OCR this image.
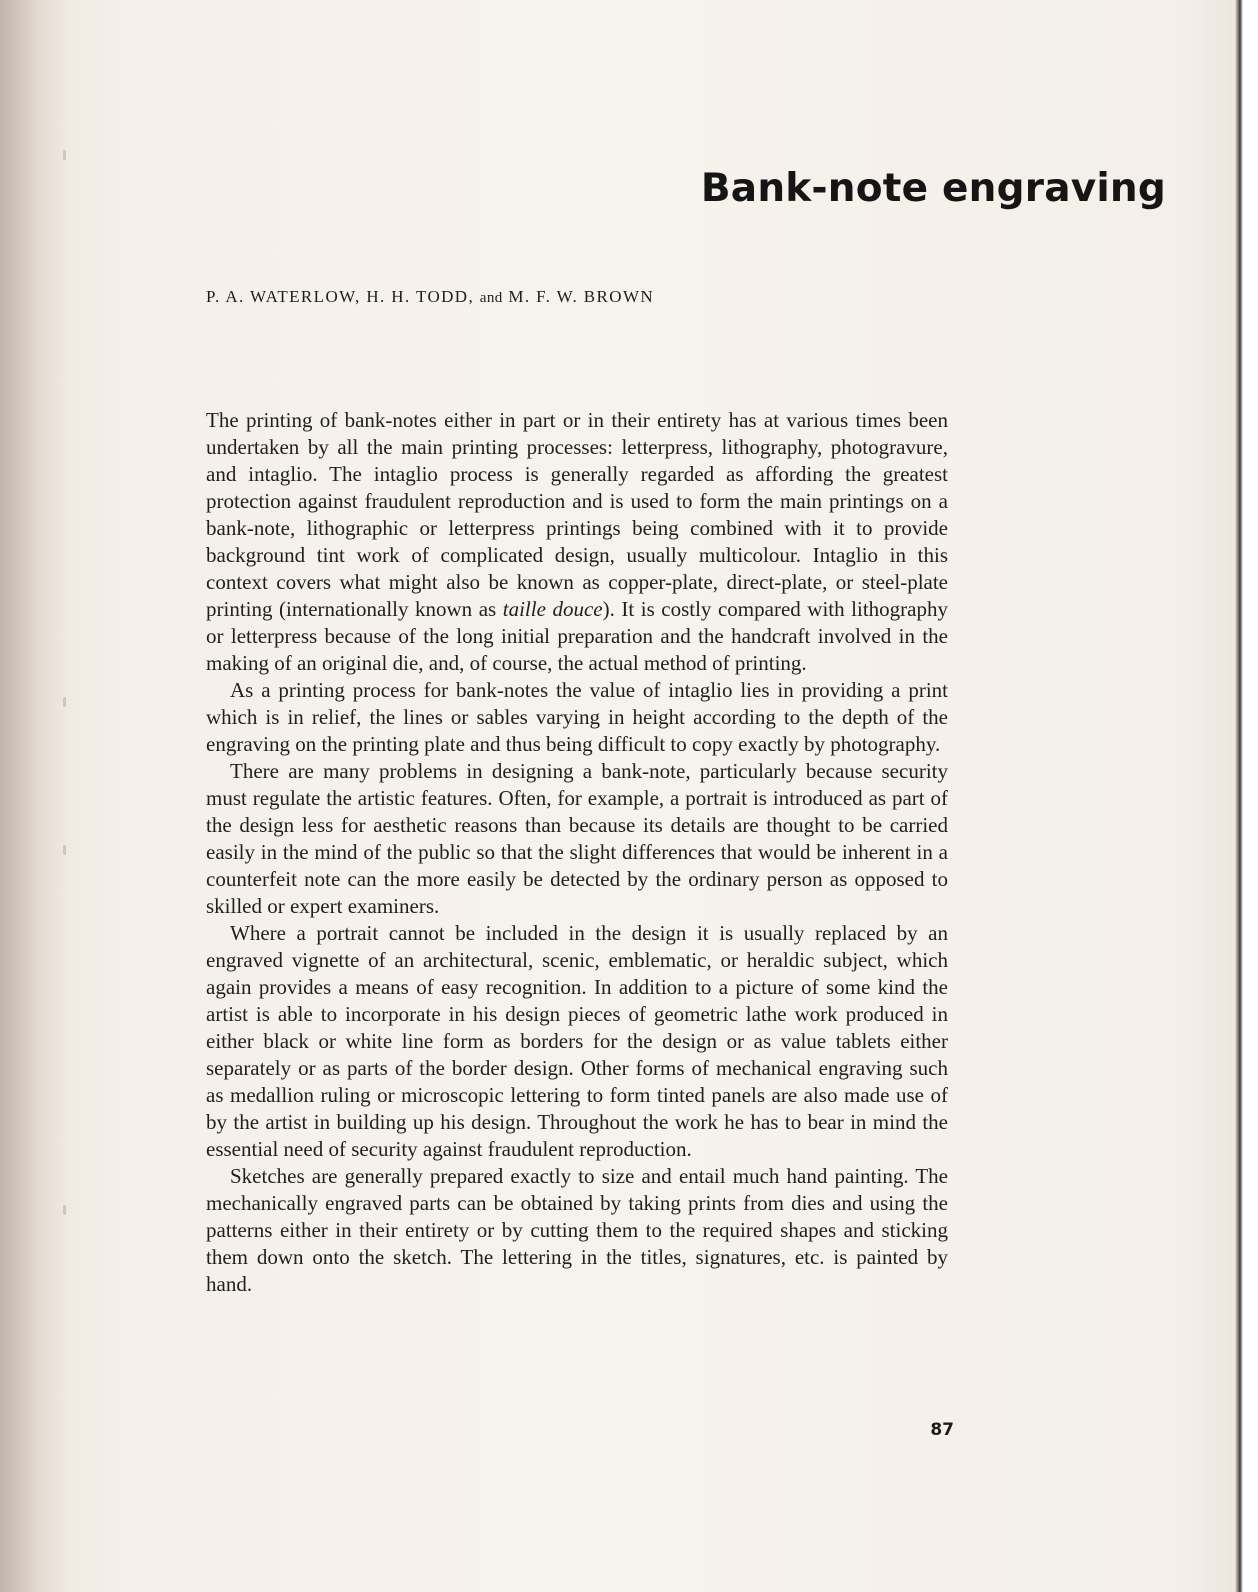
Bank-note engraving

P. A. WATERLOW, H. H. TODD, and M. F. W. BROWN

The printing of bank-notes either in part or in their entirety has at various times been undertaken by all the main printing processes: letterpress, lithography, photogravure, and intaglio. The intaglio process is generally regarded as affording the greatest protection against fraudulent reproduction and is used to form the main printings on a bank-note, lithographic or letterpress printings being combined with it to provide background tint work of complicated design, usually multicolour. Intaglio in this context covers what might also be known as copper-plate, direct-plate, or steel-plate printing (internationally known as taille douce). It is costly compared with lithography or letterpress because of the long initial preparation and the handcraft involved in the making of an original die, and, of course, the actual method of printing.

As a printing process for bank-notes the value of intaglio lies in providing a print which is in relief, the lines or sables varying in height according to the depth of the engraving on the printing plate and thus being difficult to copy exactly by photography.

There are many problems in designing a bank-note, particularly because security must regulate the artistic features. Often, for example, a portrait is introduced as part of the design less for aesthetic reasons than because its details are thought to be carried easily in the mind of the public so that the slight differences that would be inherent in a counterfeit note can the more easily be detected by the ordinary person as opposed to skilled or expert examiners.

Where a portrait cannot be included in the design it is usually replaced by an engraved vignette of an architectural, scenic, emblematic, or heraldic subject, which again provides a means of easy recognition. In addition to a picture of some kind the artist is able to incorporate in his design pieces of geometric lathe work produced in either black or white line form as borders for the design or as value tablets either separately or as parts of the border design. Other forms of mechanical engraving such as medallion ruling or microscopic lettering to form tinted panels are also made use of by the artist in building up his design. Throughout the work he has to bear in mind the essential need of security against fraudulent reproduction.

Sketches are generally prepared exactly to size and entail much hand painting. The mechanically engraved parts can be obtained by taking prints from dies and using the patterns either in their entirety or by cutting them to the required shapes and sticking them down onto the sketch. The lettering in the titles, signatures, etc. is painted by hand.

87
